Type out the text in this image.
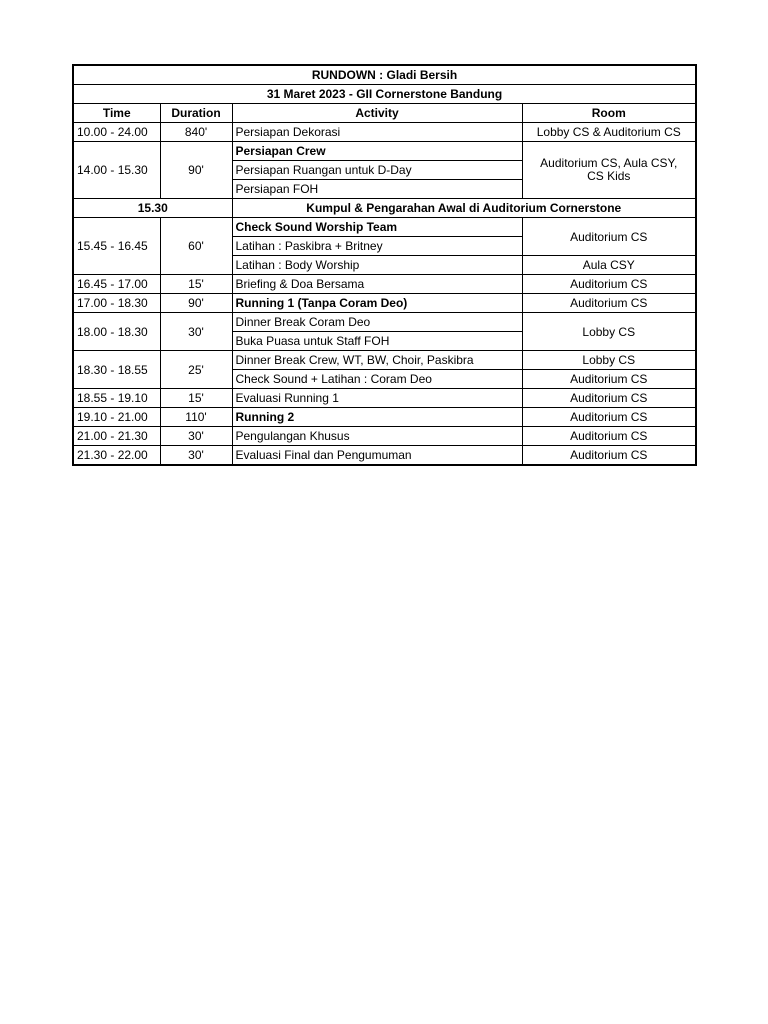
RUNDOWN : Gladi Bersih			
31 Maret 2023 - GII Cornerstone Bandung			
Time	Duration	Activity	Room
10.00 - 24.00	840'	Persiapan Dekorasi	Lobby CS & Auditorium CS
14.00 - 15.30	90'	Persiapan Crew	Auditorium CS, Aula CSY, CS Kids
		Persiapan Ruangan untuk D-Day	
		Persiapan FOH	
15.30		Kumpul & Pengarahan Awal di Auditorium Cornerstone	
15.45 - 16.45	60'	Check Sound Worship Team	Auditorium CS
		Latihan : Paskibra + Britney	
		Latihan : Body Worship	Aula CSY
16.45 - 17.00	15'	Briefing & Doa Bersama	Auditorium CS
17.00 - 18.30	90'	Running 1 (Tanpa Coram Deo)	Auditorium CS
18.00 - 18.30	30'	Dinner Break Coram Deo	Lobby CS
		Buka Puasa untuk Staff FOH	
18.30 - 18.55	25'	Dinner Break Crew, WT, BW, Choir, Paskibra	Lobby CS
		Check Sound + Latihan : Coram Deo	Auditorium CS
18.55 - 19.10	15'	Evaluasi Running 1	Auditorium CS
19.10 - 21.00	110'	Running 2	Auditorium CS
21.00 - 21.30	30'	Pengulangan Khusus	Auditorium CS
21.30 - 22.00	30'	Evaluasi Final dan Pengumuman	Auditorium CS
